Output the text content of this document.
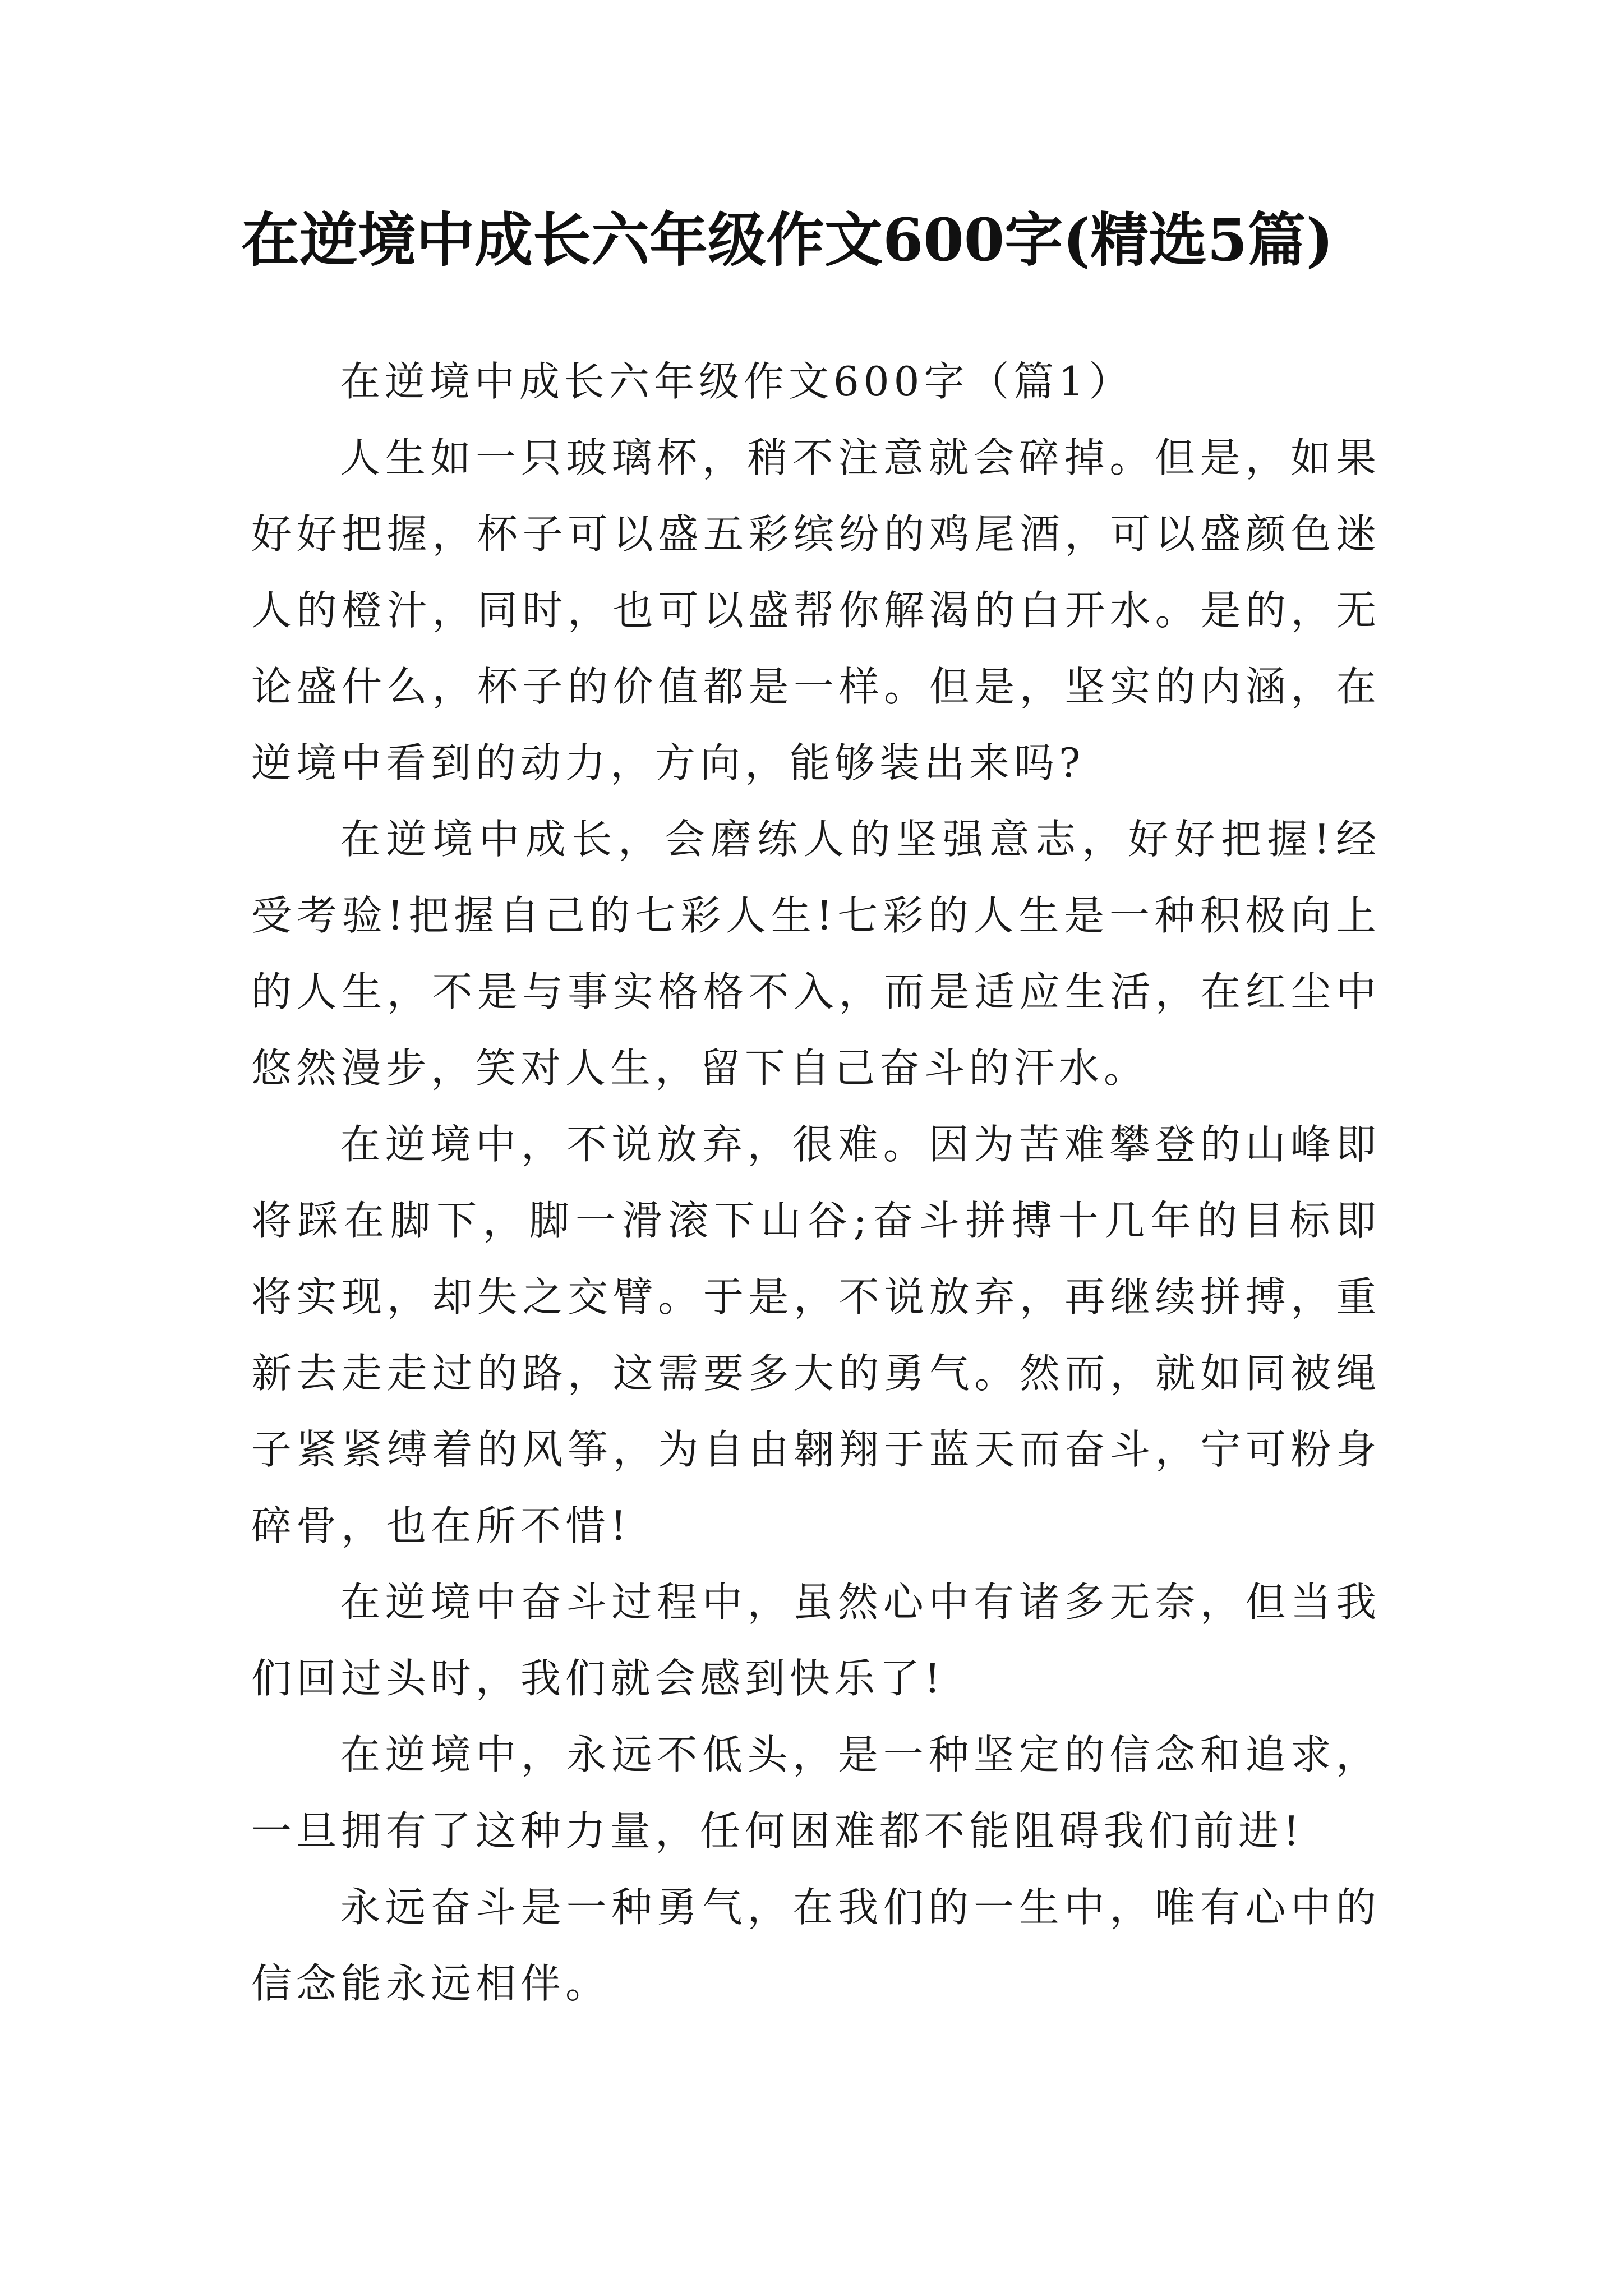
在逆境中成长六年级作文600字(精选5篇)

在逆境中成长六年级作文600字（篇1）

人生如一只玻璃杯，稍不注意就会碎掉。但是，如果好好把握，杯子可以盛五彩缤纷的鸡尾酒，可以盛颜色迷人的橙汁，同时，也可以盛帮你解渴的白开水。是的，无论盛什么，杯子的价值都是一样。但是，坚实的内涵，在逆境中看到的动力，方向，能够装出来吗?

在逆境中成长，会磨练人的坚强意志，好好把握!经受考验!把握自己的七彩人生!七彩的人生是一种积极向上的人生，不是与事实格格不入，而是适应生活，在红尘中悠然漫步，笑对人生，留下自己奋斗的汗水。

在逆境中，不说放弃，很难。因为苦难攀登的山峰即将踩在脚下，脚一滑滚下山谷;奋斗拼搏十几年的目标即将实现，却失之交臂。于是，不说放弃，再继续拼搏，重新去走走过的路，这需要多大的勇气。然而，就如同被绳子紧紧缚着的风筝，为自由翱翔于蓝天而奋斗，宁可粉身碎骨，也在所不惜!

在逆境中奋斗过程中，虽然心中有诸多无奈，但当我们回过头时，我们就会感到快乐了!

在逆境中，永远不低头，是一种坚定的信念和追求，一旦拥有了这种力量，任何困难都不能阻碍我们前进!

永远奋斗是一种勇气，在我们的一生中，唯有心中的信念能永远相伴。
